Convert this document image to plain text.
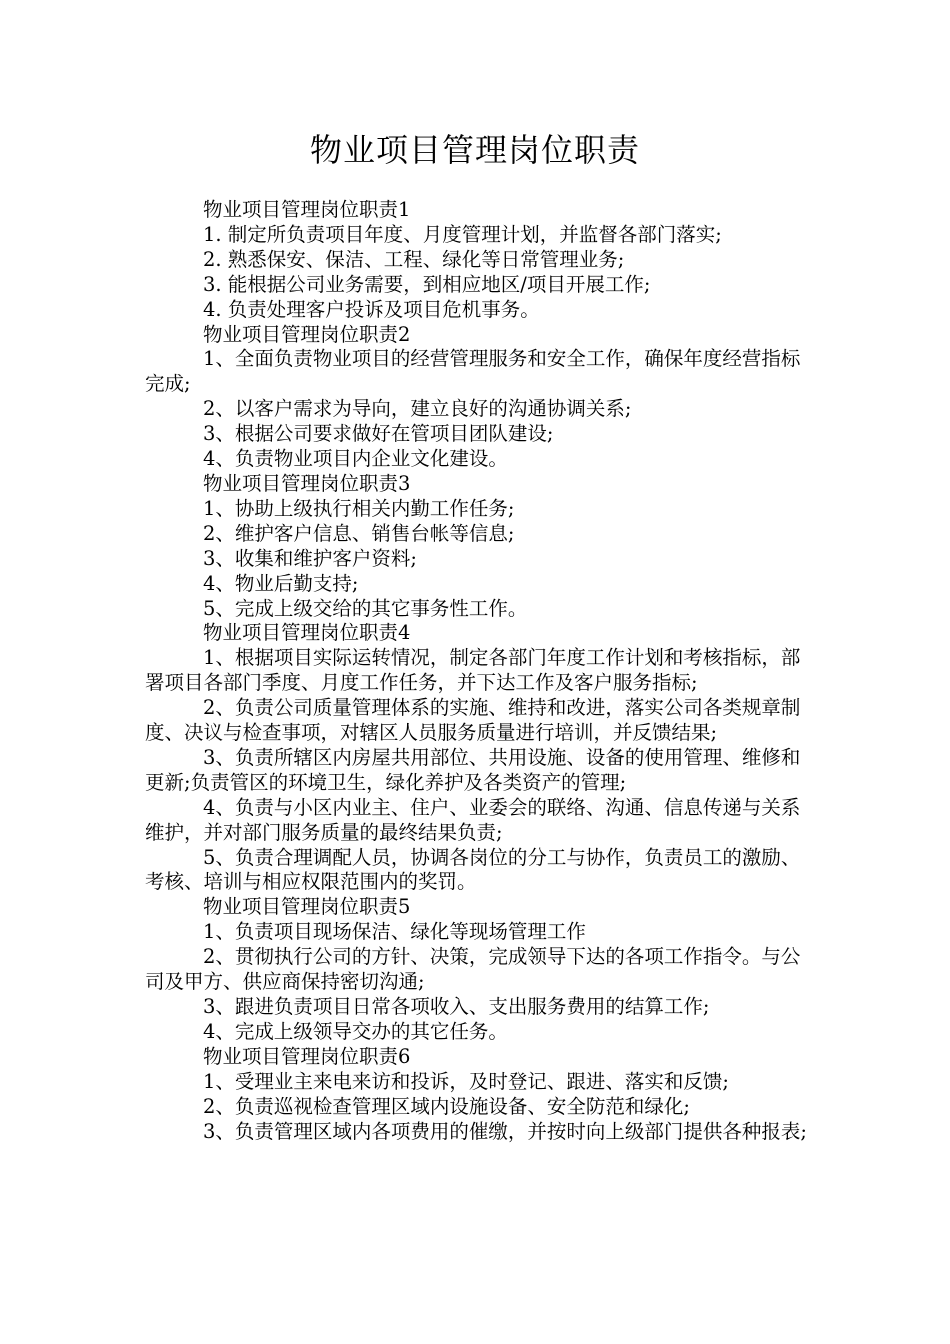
物业项目管理岗位职责

物业项目管理岗位职责1

1. 制定所负责项目年度、月度管理计划，并监督各部门落实;

2. 熟悉保安、保洁、工程、绿化等日常管理业务;

3. 能根据公司业务需要，到相应地区/项目开展工作;

4. 负责处理客户投诉及项目危机事务。

物业项目管理岗位职责2

1、全面负责物业项目的经营管理服务和安全工作，确保年度经营指标完成;

2、以客户需求为导向，建立良好的沟通协调关系;

3、根据公司要求做好在管项目团队建设;

4、负责物业项目内企业文化建设。

物业项目管理岗位职责3

1、协助上级执行相关内勤工作任务;

2、维护客户信息、销售台帐等信息;

3、收集和维护客户资料;

4、物业后勤支持;

5、完成上级交给的其它事务性工作。

物业项目管理岗位职责4

1、根据项目实际运转情况，制定各部门年度工作计划和考核指标，部署项目各部门季度、月度工作任务，并下达工作及客户服务指标;

2、负责公司质量管理体系的实施、维持和改进，落实公司各类规章制度、决议与检查事项，对辖区人员服务质量进行培训，并反馈结果;

3、负责所辖区内房屋共用部位、共用设施、设备的使用管理、维修和更新;负责管区的环境卫生，绿化养护及各类资产的管理;

4、负责与小区内业主、住户、业委会的联络、沟通、信息传递与关系维护，并对部门服务质量的最终结果负责;

5、负责合理调配人员，协调各岗位的分工与协作，负责员工的激励、考核、培训与相应权限范围内的奖罚。

物业项目管理岗位职责5

1、负责项目现场保洁、绿化等现场管理工作

2、贯彻执行公司的方针、决策，完成领导下达的各项工作指令。与公司及甲方、供应商保持密切沟通;

3、跟进负责项目日常各项收入、支出服务费用的结算工作;

4、完成上级领导交办的其它任务。

物业项目管理岗位职责6

1、受理业主来电来访和投诉，及时登记、跟进、落实和反馈;

2、负责巡视检查管理区域内设施设备、安全防范和绿化;

3、负责管理区域内各项费用的催缴，并按时向上级部门提供各种报表;
